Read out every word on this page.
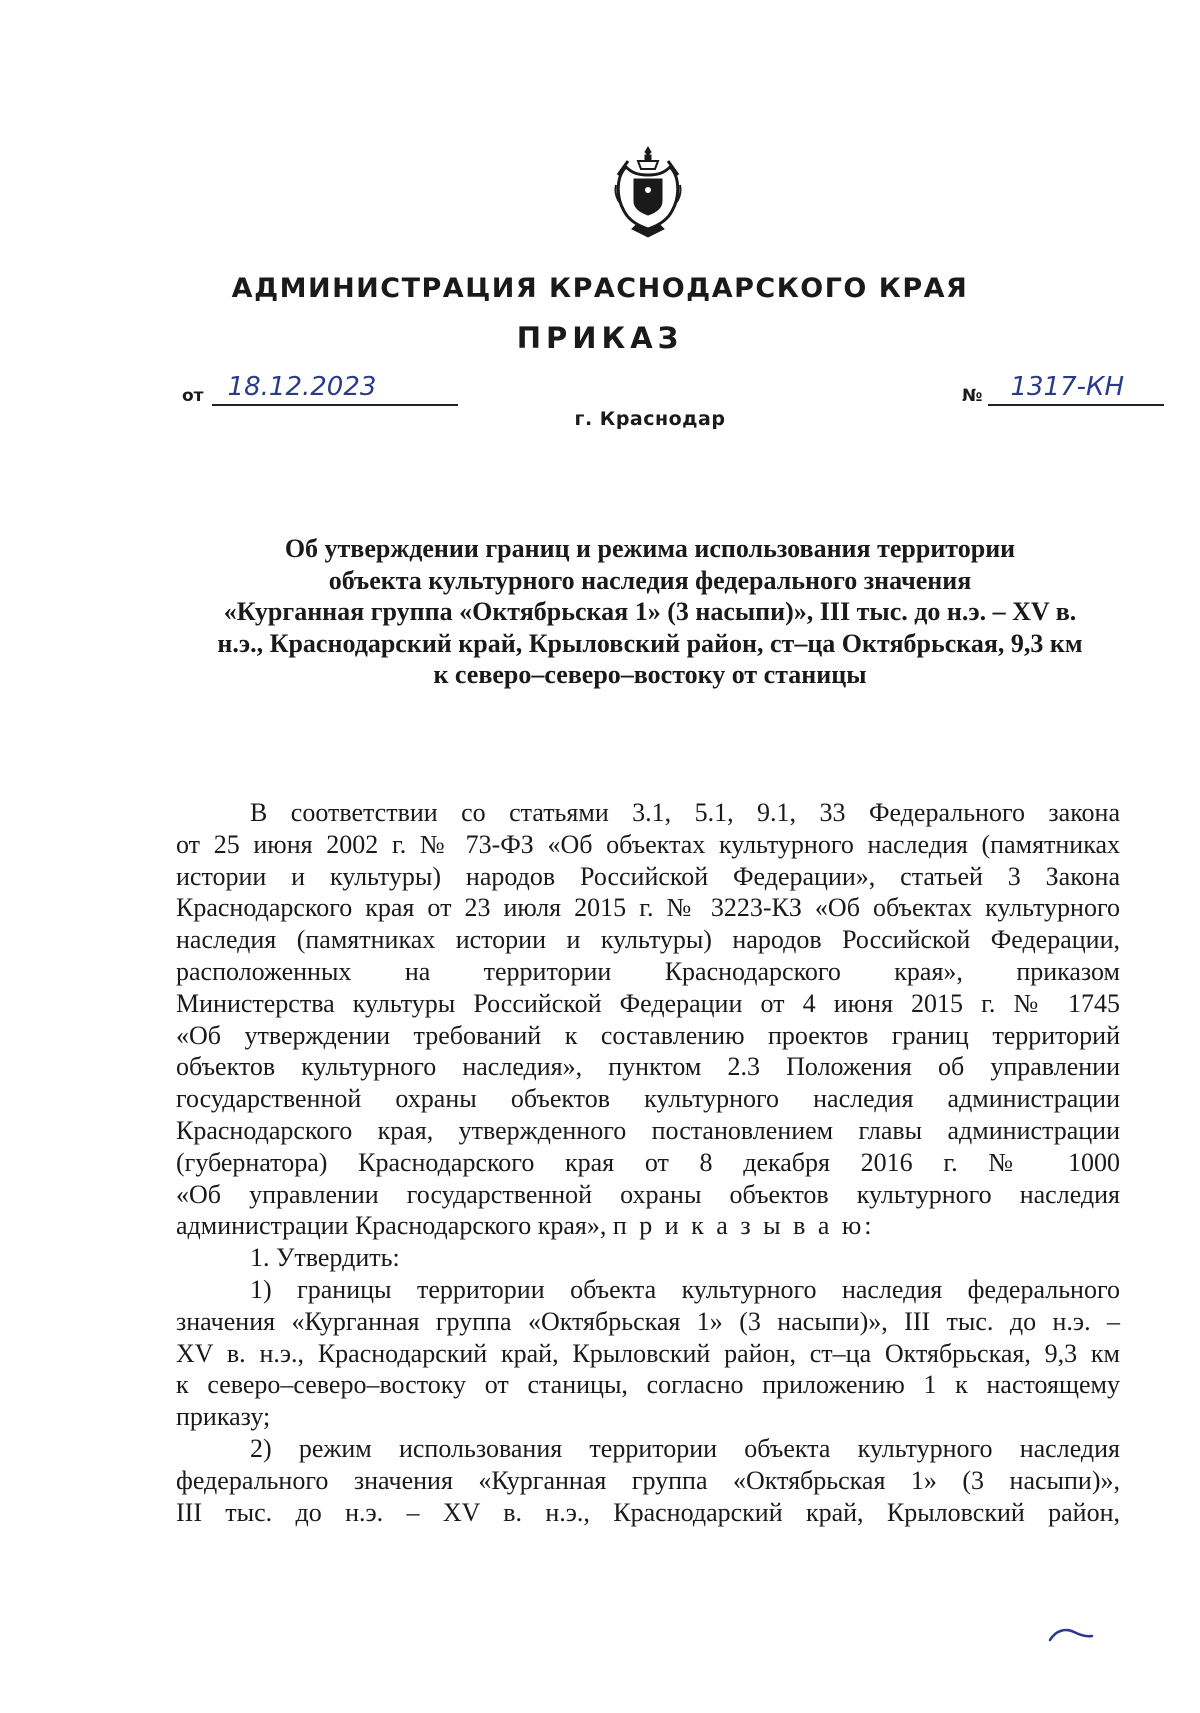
АДМИНИСТРАЦИЯ КРАСНОДАРСКОГО КРАЯ
ПРИКАЗ
от 18.12.2023	№ 1317-КН
г. Краснодар
Об утверждении границ и режима использования территории
объекта культурного наследия федерального значения
«Курганная группа «Октябрьская 1» (3 насыпи)», III тыс. до н.э. – XV в.
н.э., Краснодарский край, Крыловский район, ст–ца Октябрьская, 9,3 км
к северо–северо–востоку от станицы
В соответствии со статьями 3.1, 5.1, 9.1, 33 Федерального закона
от 25 июня 2002 г. № 73-ФЗ «Об объектах культурного наследия (памятниках
истории и культуры) народов Российской Федерации», статьей 3 Закона
Краснодарского края от 23 июля 2015 г. № 3223-КЗ «Об объектах культурного
наследия (памятниках истории и культуры) народов Российской Федерации,
расположенных на территории Краснодарского края», приказом
Министерства культуры Российской Федерации от 4 июня 2015 г. № 1745
«Об утверждении требований к составлению проектов границ территорий
объектов культурного наследия», пунктом 2.3 Положения об управлении
государственной охраны объектов культурного наследия администрации
Краснодарского края, утвержденного постановлением главы администрации
(губернатора) Краснодарского края от 8 декабря 2016 г. № 1000
«Об управлении государственной охраны объектов культурного наследия
администрации Краснодарского края», п р и к а з ы в а ю:
1. Утвердить:
1) границы территории объекта культурного наследия федерального
значения «Курганная группа «Октябрьская 1» (3 насыпи)», III тыс. до н.э. –
XV в. н.э., Краснодарский край, Крыловский район, ст–ца Октябрьская, 9,3 км
к северо–северо–востоку от станицы, согласно приложению 1 к настоящему
приказу;
2) режим использования территории объекта культурного наследия
федерального значения «Курганная группа «Октябрьская 1» (3 насыпи)»,
III тыс. до н.э. – XV в. н.э., Краснодарский край, Крыловский район,
